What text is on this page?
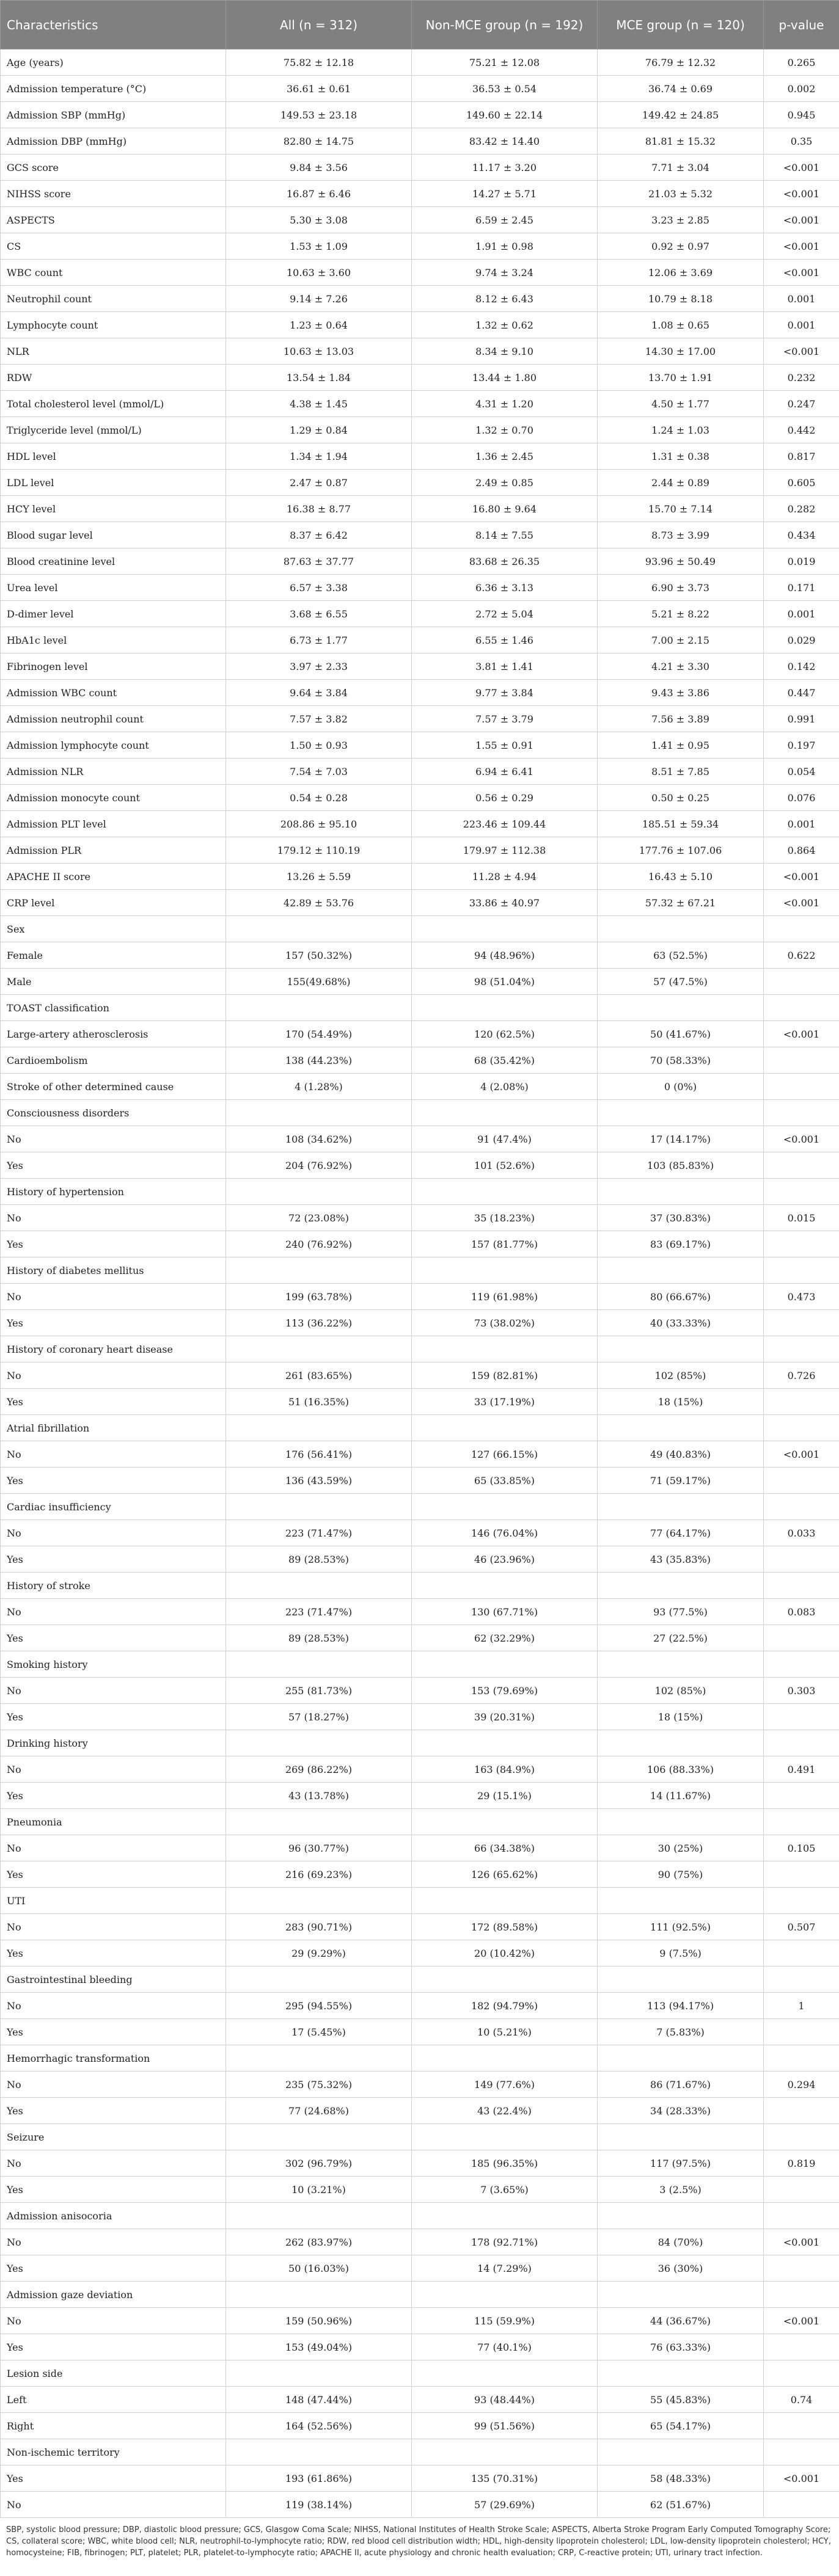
Characteristics	All (n = 312)	Non-MCE group (n = 192)	MCE group (n = 120)	p-value
Age (years)	75.82 ± 12.18	75.21 ± 12.08	76.79 ± 12.32	0.265
Admission temperature (°C)	36.61 ± 0.61	36.53 ± 0.54	36.74 ± 0.69	0.002
Admission SBP (mmHg)	149.53 ± 23.18	149.60 ± 22.14	149.42 ± 24.85	0.945
Admission DBP (mmHg)	82.80 ± 14.75	83.42 ± 14.40	81.81 ± 15.32	0.35
GCS score	9.84 ± 3.56	11.17 ± 3.20	7.71 ± 3.04	<0.001
NIHSS score	16.87 ± 6.46	14.27 ± 5.71	21.03 ± 5.32	<0.001
ASPECTS	5.30 ± 3.08	6.59 ± 2.45	3.23 ± 2.85	<0.001
CS	1.53 ± 1.09	1.91 ± 0.98	0.92 ± 0.97	<0.001
WBC count	10.63 ± 3.60	9.74 ± 3.24	12.06 ± 3.69	<0.001
Neutrophil count	9.14 ± 7.26	8.12 ± 6.43	10.79 ± 8.18	0.001
Lymphocyte count	1.23 ± 0.64	1.32 ± 0.62	1.08 ± 0.65	0.001
NLR	10.63 ± 13.03	8.34 ± 9.10	14.30 ± 17.00	<0.001
RDW	13.54 ± 1.84	13.44 ± 1.80	13.70 ± 1.91	0.232
Total cholesterol level (mmol/L)	4.38 ± 1.45	4.31 ± 1.20	4.50 ± 1.77	0.247
Triglyceride level (mmol/L)	1.29 ± 0.84	1.32 ± 0.70	1.24 ± 1.03	0.442
HDL level	1.34 ± 1.94	1.36 ± 2.45	1.31 ± 0.38	0.817
LDL level	2.47 ± 0.87	2.49 ± 0.85	2.44 ± 0.89	0.605
HCY level	16.38 ± 8.77	16.80 ± 9.64	15.70 ± 7.14	0.282
Blood sugar level	8.37 ± 6.42	8.14 ± 7.55	8.73 ± 3.99	0.434
Blood creatinine level	87.63 ± 37.77	83.68 ± 26.35	93.96 ± 50.49	0.019
Urea level	6.57 ± 3.38	6.36 ± 3.13	6.90 ± 3.73	0.171
D-dimer level	3.68 ± 6.55	2.72 ± 5.04	5.21 ± 8.22	0.001
HbA1c level	6.73 ± 1.77	6.55 ± 1.46	7.00 ± 2.15	0.029
Fibrinogen level	3.97 ± 2.33	3.81 ± 1.41	4.21 ± 3.30	0.142
Admission WBC count	9.64 ± 3.84	9.77 ± 3.84	9.43 ± 3.86	0.447
Admission neutrophil count	7.57 ± 3.82	7.57 ± 3.79	7.56 ± 3.89	0.991
Admission lymphocyte count	1.50 ± 0.93	1.55 ± 0.91	1.41 ± 0.95	0.197
Admission NLR	7.54 ± 7.03	6.94 ± 6.41	8.51 ± 7.85	0.054
Admission monocyte count	0.54 ± 0.28	0.56 ± 0.29	0.50 ± 0.25	0.076
Admission PLT level	208.86 ± 95.10	223.46 ± 109.44	185.51 ± 59.34	0.001
Admission PLR	179.12 ± 110.19	179.97 ± 112.38	177.76 ± 107.06	0.864
APACHE II score	13.26 ± 5.59	11.28 ± 4.94	16.43 ± 5.10	<0.001
CRP level	42.89 ± 53.76	33.86 ± 40.97	57.32 ± 67.21	<0.001
Sex				
Female	157 (50.32%)	94 (48.96%)	63 (52.5%)	0.622
Male	155(49.68%)	98 (51.04%)	57 (47.5%)	
TOAST classification				
Large-artery atherosclerosis	170 (54.49%)	120 (62.5%)	50 (41.67%)	<0.001
Cardioembolism	138 (44.23%)	68 (35.42%)	70 (58.33%)	
Stroke of other determined cause	4 (1.28%)	4 (2.08%)	0 (0%)	
Consciousness disorders				
No	108 (34.62%)	91 (47.4%)	17 (14.17%)	<0.001
Yes	204 (76.92%)	101 (52.6%)	103 (85.83%)	
History of hypertension				
No	72 (23.08%)	35 (18.23%)	37 (30.83%)	0.015
Yes	240 (76.92%)	157 (81.77%)	83 (69.17%)	
History of diabetes mellitus				
No	199 (63.78%)	119 (61.98%)	80 (66.67%)	0.473
Yes	113 (36.22%)	73 (38.02%)	40 (33.33%)	
History of coronary heart disease				
No	261 (83.65%)	159 (82.81%)	102 (85%)	0.726
Yes	51 (16.35%)	33 (17.19%)	18 (15%)	
Atrial fibrillation				
No	176 (56.41%)	127 (66.15%)	49 (40.83%)	<0.001
Yes	136 (43.59%)	65 (33.85%)	71 (59.17%)	
Cardiac insufficiency				
No	223 (71.47%)	146 (76.04%)	77 (64.17%)	0.033
Yes	89 (28.53%)	46 (23.96%)	43 (35.83%)	
History of stroke				
No	223 (71.47%)	130 (67.71%)	93 (77.5%)	0.083
Yes	89 (28.53%)	62 (32.29%)	27 (22.5%)	
Smoking history				
No	255 (81.73%)	153 (79.69%)	102 (85%)	0.303
Yes	57 (18.27%)	39 (20.31%)	18 (15%)	
Drinking history				
No	269 (86.22%)	163 (84.9%)	106 (88.33%)	0.491
Yes	43 (13.78%)	29 (15.1%)	14 (11.67%)	
Pneumonia				
No	96 (30.77%)	66 (34.38%)	30 (25%)	0.105
Yes	216 (69.23%)	126 (65.62%)	90 (75%)	
UTI				
No	283 (90.71%)	172 (89.58%)	111 (92.5%)	0.507
Yes	29 (9.29%)	20 (10.42%)	9 (7.5%)	
Gastrointestinal bleeding				
No	295 (94.55%)	182 (94.79%)	113 (94.17%)	1
Yes	17 (5.45%)	10 (5.21%)	7 (5.83%)	
Hemorrhagic transformation				
No	235 (75.32%)	149 (77.6%)	86 (71.67%)	0.294
Yes	77 (24.68%)	43 (22.4%)	34 (28.33%)	
Seizure				
No	302 (96.79%)	185 (96.35%)	117 (97.5%)	0.819
Yes	10 (3.21%)	7 (3.65%)	3 (2.5%)	
Admission anisocoria				
No	262 (83.97%)	178 (92.71%)	84 (70%)	<0.001
Yes	50 (16.03%)	14 (7.29%)	36 (30%)	
Admission gaze deviation				
No	159 (50.96%)	115 (59.9%)	44 (36.67%)	<0.001
Yes	153 (49.04%)	77 (40.1%)	76 (63.33%)	
Lesion side				
Left	148 (47.44%)	93 (48.44%)	55 (45.83%)	0.74
Right	164 (52.56%)	99 (51.56%)	65 (54.17%)	
Non-ischemic territory				
Yes	193 (61.86%)	135 (70.31%)	58 (48.33%)	<0.001
No	119 (38.14%)	57 (29.69%)	62 (51.67%)	
SBP, systolic blood pressure; DBP, diastolic blood pressure; GCS, Glasgow Coma Scale; NIHSS, National Institutes of Health Stroke Scale; ASPECTS, Alberta Stroke Program Early Computed Tomography Score; CS, collateral score; WBC, white blood cell; NLR, neutrophil-to-lymphocyte ratio; RDW, red blood cell distribution width; HDL, high-density lipoprotein cholesterol; LDL, low-density lipoprotein cholesterol; HCY, homocysteine; FIB, fibrinogen; PLT, platelet; PLR, platelet-to-lymphocyte ratio; APACHE II, acute physiology and chronic health evaluation; CRP, C-reactive protein; UTI, urinary tract infection.
